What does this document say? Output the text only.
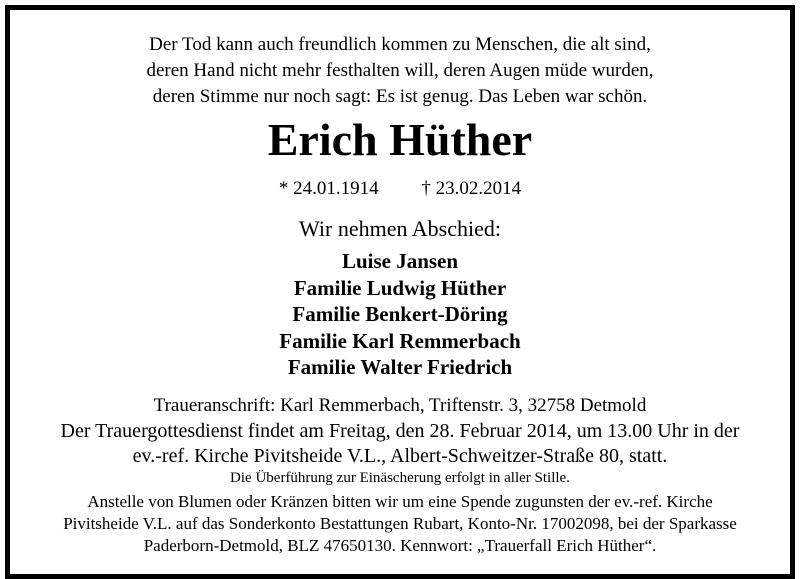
Der Tod kann auch freundlich kommen zu Menschen, die alt sind,
deren Hand nicht mehr festhalten will, deren Augen müde wurden,
deren Stimme nur noch sagt: Es ist genug. Das Leben war schön.
Erich Hüther
* 24.01.1914 † 23.02.2014
Wir nehmen Abschied:
Luise Jansen
Familie Ludwig Hüther
Familie Benkert-Döring
Familie Karl Remmerbach
Familie Walter Friedrich
Traueranschrift: Karl Remmerbach, Triftenstr. 3, 32758 Detmold
Der Trauergottesdienst findet am Freitag, den 28. Februar 2014, um 13.00 Uhr in der
ev.-ref. Kirche Pivitsheide V.L., Albert-Schweitzer-Straße 80, statt.
Die Überführung zur Einäscherung erfolgt in aller Stille.
Anstelle von Blumen oder Kränzen bitten wir um eine Spende zugunsten der ev.-ref. Kirche
Pivitsheide V.L. auf das Sonderkonto Bestattungen Rubart, Konto-Nr. 17002098, bei der Sparkasse
Paderborn-Detmold, BLZ 47650130. Kennwort: „Trauerfall Erich Hüther“.
